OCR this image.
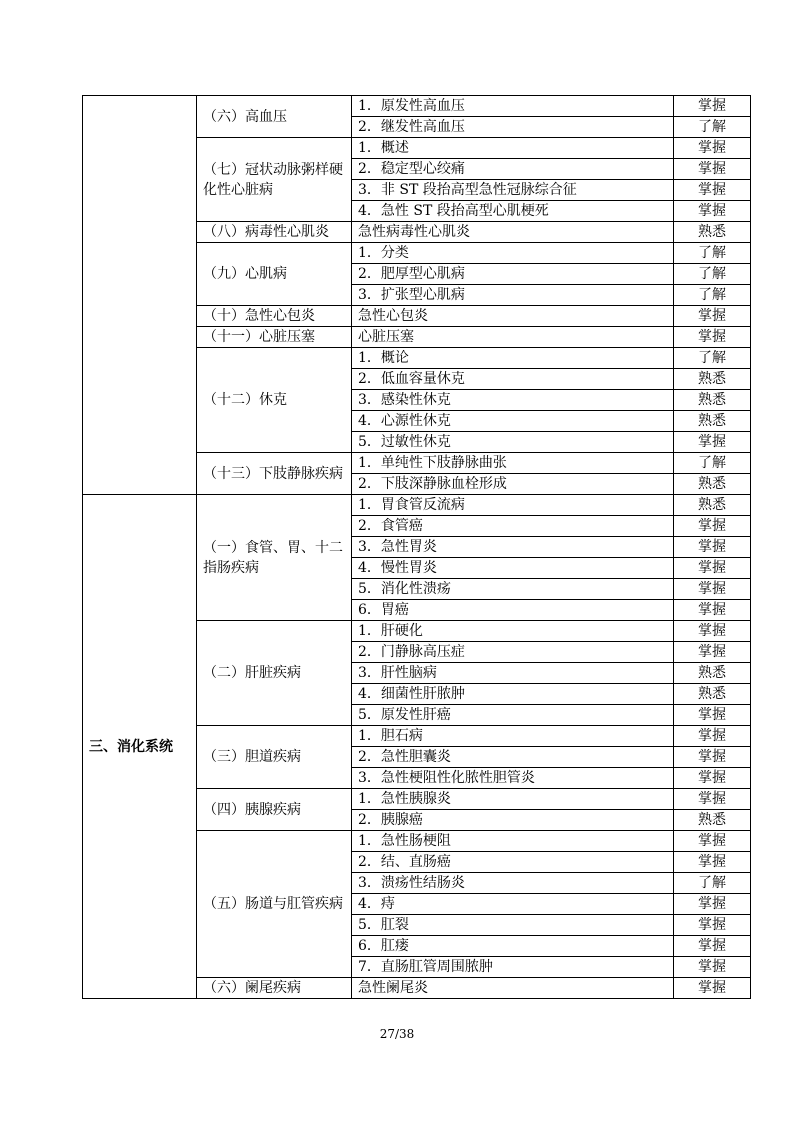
	（六）高血压	1．原发性高血压	掌握
		2．继发性高血压	了解
	（七）冠状动脉粥样硬化性心脏病	1．概述	掌握
		2．稳定型心绞痛	掌握
		3．非 ST 段抬高型急性冠脉综合征	掌握
		4．急性 ST 段抬高型心肌梗死	掌握
	（八）病毒性心肌炎	急性病毒性心肌炎	熟悉
	（九）心肌病	1．分类	了解
		2．肥厚型心肌病	了解
		3．扩张型心肌病	了解
	（十）急性心包炎	急性心包炎	掌握
	（十一）心脏压塞	心脏压塞	掌握
	（十二）休克	1．概论	了解
		2．低血容量休克	熟悉
		3．感染性休克	熟悉
		4．心源性休克	熟悉
		5．过敏性休克	掌握
	（十三）下肢静脉疾病	1．单纯性下肢静脉曲张	了解
		2．下肢深静脉血栓形成	熟悉
三、消化系统	（一）食管、胃、十二指肠疾病	1．胃食管反流病	熟悉
		2．食管癌	掌握
		3．急性胃炎	掌握
		4．慢性胃炎	掌握
		5．消化性溃疡	掌握
		6．胃癌	掌握
	（二）肝脏疾病	1．肝硬化	掌握
		2．门静脉高压症	掌握
		3．肝性脑病	熟悉
		4．细菌性肝脓肿	熟悉
		5．原发性肝癌	掌握
	（三）胆道疾病	1．胆石病	掌握
		2．急性胆囊炎	掌握
		3．急性梗阻性化脓性胆管炎	掌握
	（四）胰腺疾病	1．急性胰腺炎	掌握
		2．胰腺癌	熟悉
	（五）肠道与肛管疾病	1．急性肠梗阻	掌握
		2．结、直肠癌	掌握
		3．溃疡性结肠炎	了解
		4．痔	掌握
		5．肛裂	掌握
		6．肛瘘	掌握
		7．直肠肛管周围脓肿	掌握
	（六）阑尾疾病	急性阑尾炎	掌握
27/38
